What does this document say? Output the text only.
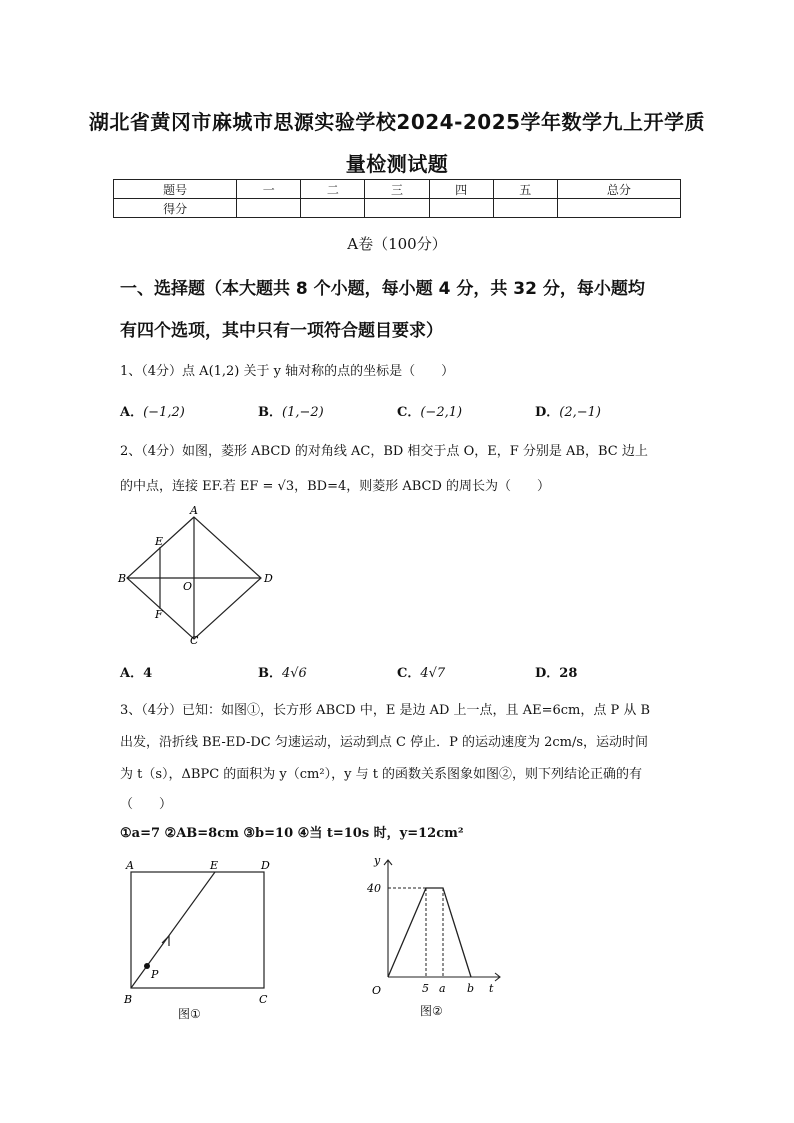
湖北省黄冈市麻城市思源实验学校2024-2025学年数学九上开学质
量检测试题
题号	一	二	三	四	五	总分
得分						
A卷（100分）
一、选择题（本大题共 8 个小题，每小题 4 分，共 32 分，每小题均
有四个选项，其中只有一项符合题目要求）
1、（4分）点 A(1,2) 关于 y 轴对称的点的坐标是（　　）
A．(−1,2)	B．(1,−2)	C．(−2,1)	D．(2,−1)
2、（4分）如图，菱形 ABCD 的对角线 AC，BD 相交于点 O，E，F 分别是 AB，BC 边上
的中点，连接 EF.若 EF = √3，BD=4，则菱形 ABCD 的周长为（　　）
A
B
C
D
E
F
O
A．4	B．4√6	C．4√7	D．28
3、（4分）已知：如图①，长方形 ABCD 中，E 是边 AD 上一点，且 AE=6cm，点 P 从 B
出发，沿折线 BE-ED-DC 匀速运动，运动到点 C 停止．P 的运动速度为 2cm/s，运动时间
为 t（s），ΔBPC 的面积为 y（cm²），y 与 t 的函数关系图象如图②，则下列结论正确的有
（　　）
①a=7 ②AB=8cm ③b=10 ④当 t=10s 时，y=12cm²
A	E	D
B	C
P
图①
y
40
O	5 a b t
图②
